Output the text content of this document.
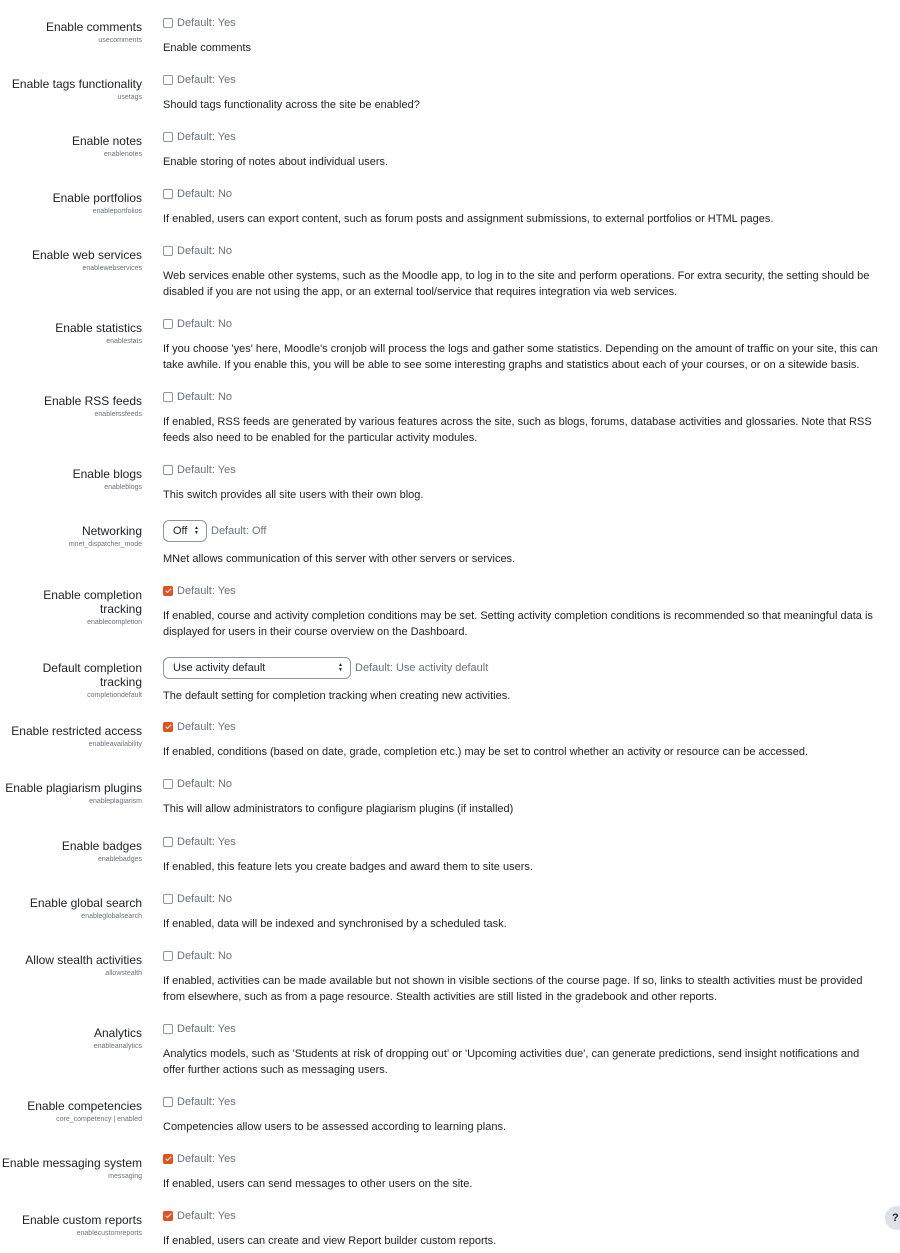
Enable comments
usecomments
Default: Yes
Enable comments
Enable tags functionality
usetags
Default: Yes
Should tags functionality across the site be enabled?
Enable notes
enablenotes
Default: Yes
Enable storing of notes about individual users.
Enable portfolios
enableportfolios
Default: No
If enabled, users can export content, such as forum posts and assignment submissions, to external portfolios or HTML pages.
Enable web services
enablewebservices
Default: No
Web services enable other systems, such as the Moodle app, to log in to the site and perform operations. For extra security, the setting should be disabled if you are not using the app, or an external tool/service that requires integration via web services.
Enable statistics
enablestats
Default: No
If you choose 'yes' here, Moodle's cronjob will process the logs and gather some statistics. Depending on the amount of traffic on your site, this can take awhile. If you enable this, you will be able to see some interesting graphs and statistics about each of your courses, or on a sitewide basis.
Enable RSS feeds
enablerssfeeds
Default: No
If enabled, RSS feeds are generated by various features across the site, such as blogs, forums, database activities and glossaries. Note that RSS feeds also need to be enabled for the particular activity modules.
Enable blogs
enableblogs
Default: Yes
This switch provides all site users with their own blog.
Networking
mnet_dispatcher_mode
Off ▲
▼ Default: Off
MNet allows communication of this server with other servers or services.
Enable completion tracking
enablecompletion
Default: Yes
If enabled, course and activity completion conditions may be set. Setting activity completion conditions is recommended so that meaningful data is displayed for users in their course overview on the Dashboard.
Default completion tracking
completiondefault
Use activity default	▲
▼ Default: Use activity default
The default setting for completion tracking when creating new activities.
Enable restricted access
enableavailability
Default: Yes
If enabled, conditions (based on date, grade, completion etc.) may be set to control whether an activity or resource can be accessed.
Enable plagiarism plugins
enableplagiarism
Default: No
This will allow administrators to configure plagiarism plugins (if installed)
Enable badges
enablebadges
Default: Yes
If enabled, this feature lets you create badges and award them to site users.
Enable global search
enableglobalsearch
Default: No
If enabled, data will be indexed and synchronised by a scheduled task.
Allow stealth activities
allowstealth
Default: No
If enabled, activities can be made available but not shown in visible sections of the course page. If so, links to stealth activities must be provided from elsewhere, such as from a page resource. Stealth activities are still listed in the gradebook and other reports.
Analytics
enableanalytics
Default: Yes
Analytics models, such as 'Students at risk of dropping out' or 'Upcoming activities due', can generate predictions, send insight notifications and offer further actions such as messaging users.
Enable competencies
core_competency | enabled
Default: Yes
Competencies allow users to be assessed according to learning plans.
Enable messaging system
messaging
Default: Yes
If enabled, users can send messages to other users on the site.
Enable custom reports
enablecustomreports
Default: Yes
If enabled, users can create and view Report builder custom reports.
?
